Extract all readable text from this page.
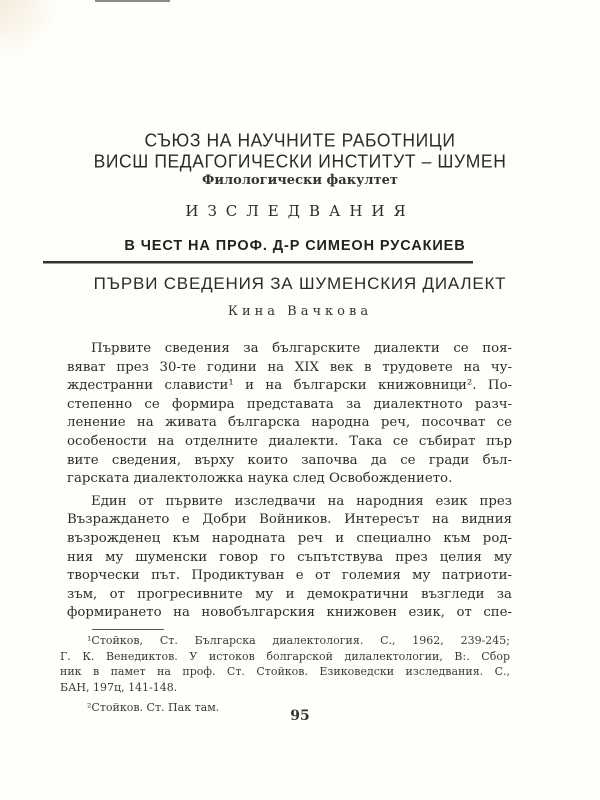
СЪЮЗ НА НАУЧНИТЕ РАБОТНИЦИ
ВИСШ ПЕДАГОГИЧЕСКИ ИНСТИТУТ – ШУМЕН
Филологически факултет
ИЗСЛЕДВАНИЯ
В ЧЕСТ НА ПРОФ. Д-Р СИМЕОН РУСАКИЕВ
ПЪРВИ СВЕДЕНИЯ ЗА ШУМЕНСКИЯ ДИАЛЕКТ
Кина Вачкова
Първите сведения за българските диалекти се поя-
вяват през 30-те години на XIX век в трудовете на чу-
ждестранни слависти¹ и на български книжовници². По-
степенно се формира представата за диалектното разч-
ленение на живата българска народна реч, посочват се
особености на отделните диалекти. Така се събират пър
вите сведения, върху които започва да се гради бъл-
гарската диалектоложка наука след Освобождението.
Един от първите изследвачи на народния език през
Възраждането е Добри Войников. Интересът на видния
възрожденец към народната реч и специално към род-
ния му шуменски говор го съпътствува през целия му
творчески път. Продиктуван е от големия му патриоти-
зъм, от прогресивните му и демократични възгледи за
формирането на новобългарския книжовен език, от спе-
¹Стойков, Ст. Българска диалектология. С., 1962, 239-245;
Г. К. Венедиктов. У истоков болгарской дилалектологии, В:. Сбор
ник в памет на проф. Ст. Стойков. Езиковедски изследвания. С.,
БАН, 197ц, 141-148.
²Стойков. Ст. Пак там.
95
